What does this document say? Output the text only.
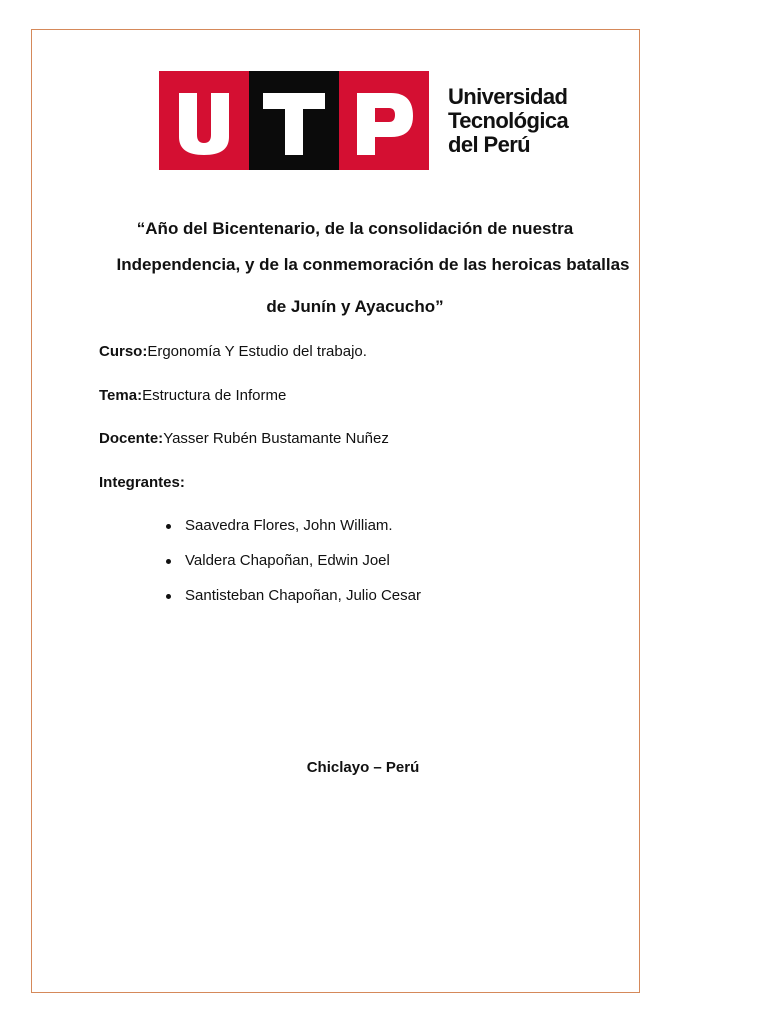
Universidad
Tecnológica
del Perú
“Año del Bicentenario, de la consolidación de nuestra
Independencia, y de la conmemoración de las heroicas batallas
de Junín y Ayacucho”
Curso:Ergonomía Y Estudio del trabajo.
Tema:Estructura de Informe
Docente:Yasser Rubén Bustamante Nuñez
Integrantes:
Saavedra Flores, John William.
Valdera Chapoñan, Edwin Joel
Santisteban Chapoñan, Julio Cesar
Chiclayo – Perú
